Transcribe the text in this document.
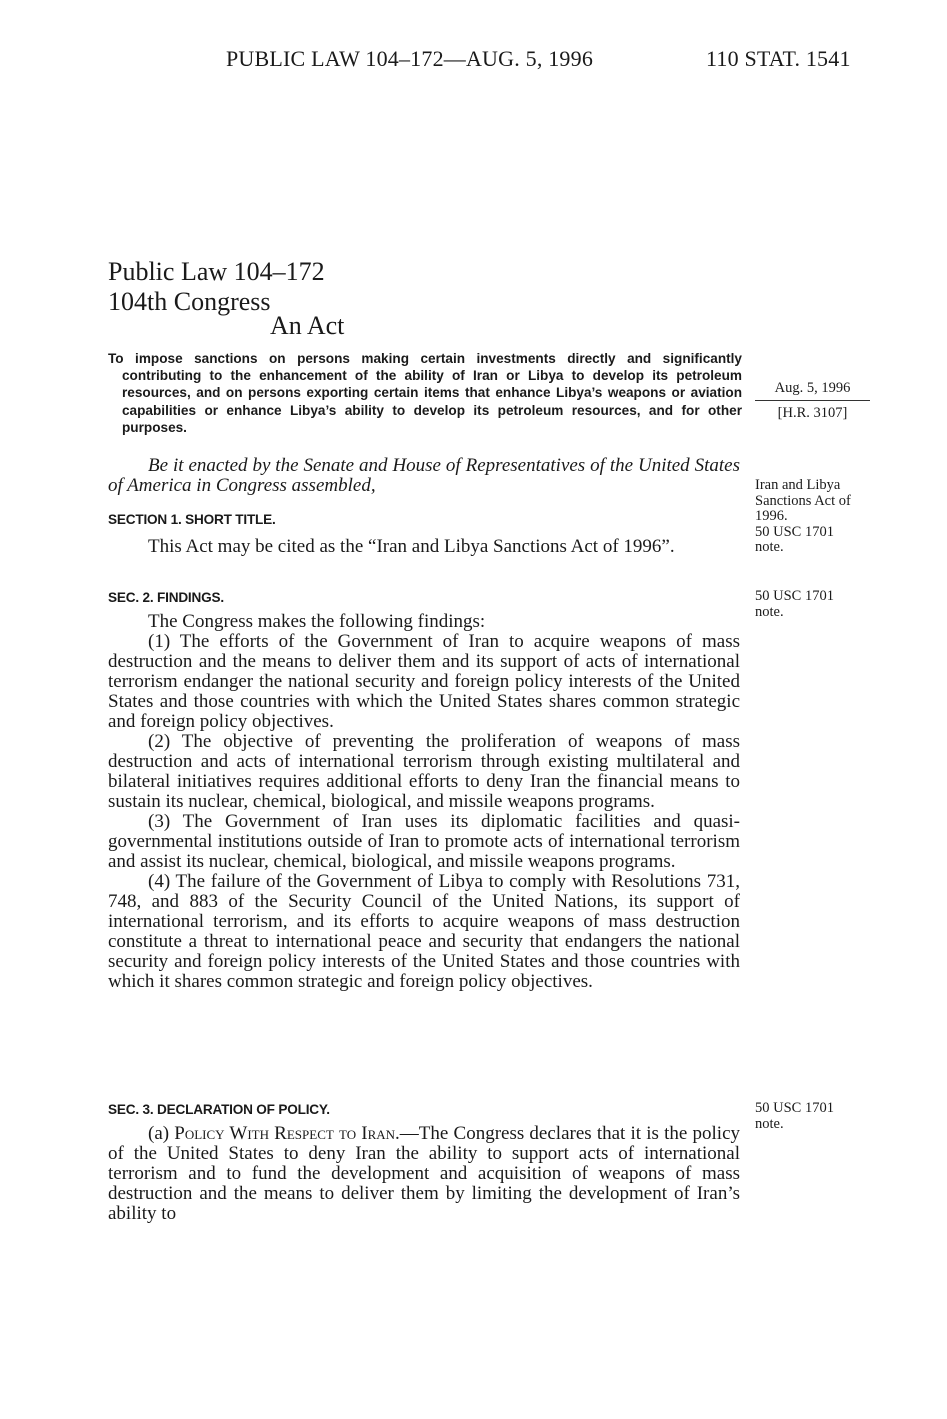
PUBLIC LAW 104–172—AUG. 5, 1996	110 STAT. 1541
Public Law 104–172
104th Congress
An Act
To impose sanctions on persons making certain investments directly and significantly contributing to the enhancement of the ability of Iran or Libya to develop its petroleum resources, and on persons exporting certain items that enhance Libya’s weapons or aviation capabilities or enhance Libya’s ability to develop its petroleum resources, and for other purposes.
Aug. 5, 1996
[H.R. 3107]
Be it enacted by the Senate and House of Representatives of the United States of America in Congress assembled,	Iran and Libya
Sanctions Act of
1996.
50 USC 1701
note.
SECTION 1. SHORT TITLE.
This Act may be cited as the “Iran and Libya Sanctions Act of 1996”.
50 USC 1701
note.
SEC. 2. FINDINGS.

The Congress makes the following findings:

(1) The efforts of the Government of Iran to acquire weapons of mass destruction and the means to deliver them and its support of acts of international terrorism endanger the national security and foreign policy interests of the United States and those countries with which the United States shares common strategic and foreign policy objectives.

(2) The objective of preventing the proliferation of weapons of mass destruction and acts of international terrorism through existing multilateral and bilateral initiatives requires additional efforts to deny Iran the financial means to sustain its nuclear, chemical, biological, and missile weapons programs.

(3) The Government of Iran uses its diplomatic facilities and quasi-governmental institutions outside of Iran to promote acts of international terrorism and assist its nuclear, chemical, biological, and missile weapons programs.

(4) The failure of the Government of Libya to comply with Resolutions 731, 748, and 883 of the Security Council of the United Nations, its support of international terrorism, and its efforts to acquire weapons of mass destruction constitute a threat to international peace and security that endangers the national security and foreign policy interests of the United States and those countries with which it shares common strategic and foreign policy objectives.

50 USC 1701
note.
SEC. 3. DECLARATION OF POLICY.
(a) Policy With Respect to Iran.—The Congress declares that it is the policy of the United States to deny Iran the ability to support acts of international terrorism and to fund the development and acquisition of weapons of mass destruction and the means to deliver them by limiting the development of Iran’s ability to
